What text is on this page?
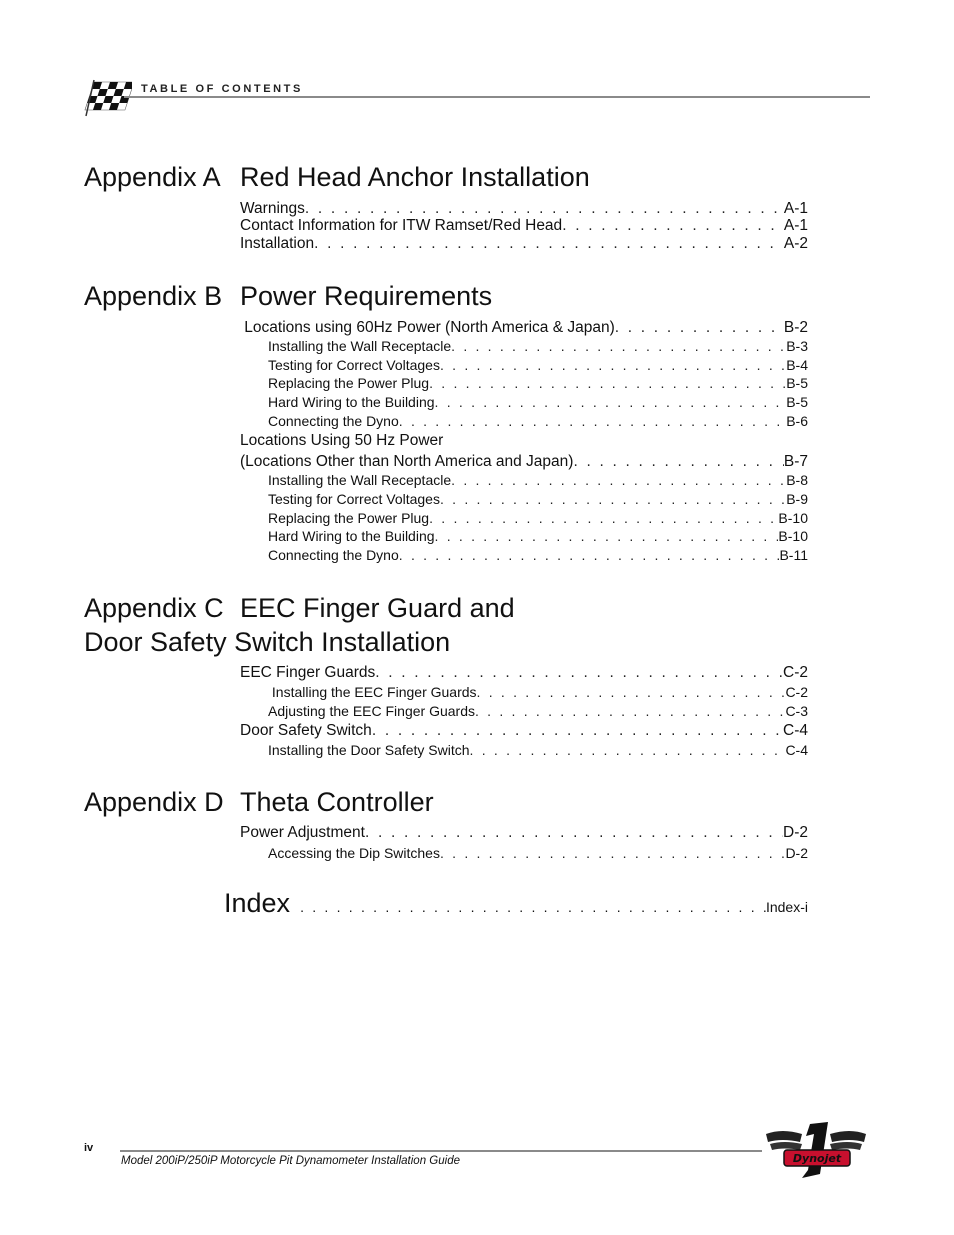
TABLE OF CONTENTS
Appendix A Red Head Anchor Installation
Warnings . . .	A-1
Contact Information for ITW Ramset/Red Head . . .	A-1
Installation . . .	A-2
Appendix B Power Requirements
Locations using 60Hz Power (North America & Japan) . . .	B-2
Installing the Wall Receptacle . . .	B-3
Testing for Correct Voltages . . .	B-4
Replacing the Power Plug . . .	B-5
Hard Wiring to the Building . . .	B-5
Connecting the Dyno . . .	B-6
Locations Using 50 Hz Power
(Locations Other than North America and Japan) . . .	B-7
Installing the Wall Receptacle . . .	B-8
Testing for Correct Voltages . . .	B-9
Replacing the Power Plug . . .	B-10
Hard Wiring to the Building . . .	B-10
Connecting the Dyno . . .	B-11
Appendix C EEC Finger Guard and
Door Safety Switch Installation
EEC Finger Guards . . .	C-2
Installing the EEC Finger Guards . . .	C-2
Adjusting the EEC Finger Guards . . .	C-3
Door Safety Switch . . .	C-4
Installing the Door Safety Switch . . .	C-4
Appendix D Theta Controller
Power Adjustment . . .	D-2
Accessing the Dip Switches . . .	D-2
Index . . .	Index-i
iv
Model 200iP/250iP Motorcycle Pit Dynamometer Installation Guide	Dynojet
